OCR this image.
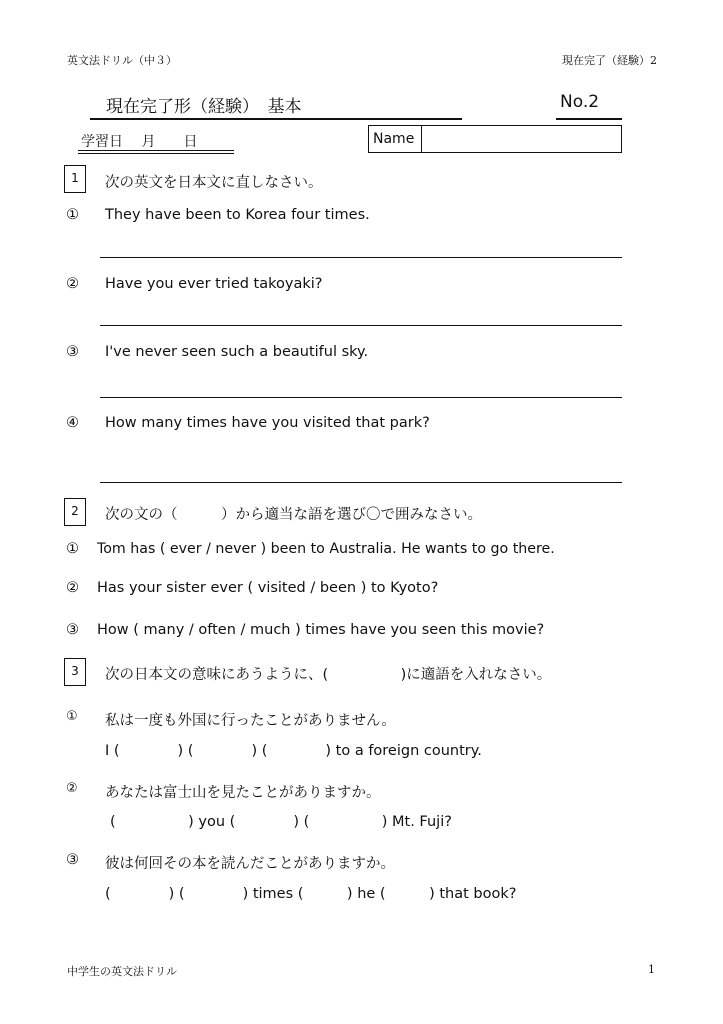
英文法ドリル（中３）	現在完了（経験）2
現在完了形（経験）　基本	No.2
学習日　 月　　日	Name
1	次の英文を日本文に直しなさい。
① They have been to Korea four times.
② Have you ever tried takoyaki?
③ I've never seen such a beautiful sky.
④ How many times have you visited that park?
2	次の文の（　　　）から適当な語を選び〇で囲みなさい。
① Tom has ( ever / never ) been to Australia. He wants to go there.
② Has your sister ever ( visited / been ) to Kyoto?
③ How ( many / often / much ) times have you seen this movie?
3	次の日本文の意味にあうように、(　　　　　)に適語を入れなさい。
① 私は一度も外国に行ったことがありません。
I (　　　　) (　　　　) (　　　　) to a foreign country.
② あなたは富士山を見たことがありますか。
(　　　　　) you (　　　　) (　　　　　) Mt. Fuji?
③ 彼は何回その本を読んだことがありますか。
(　　　　) (　　　　) times (　　　) he (　　　) that book?
中学生の英文法ドリル	1
